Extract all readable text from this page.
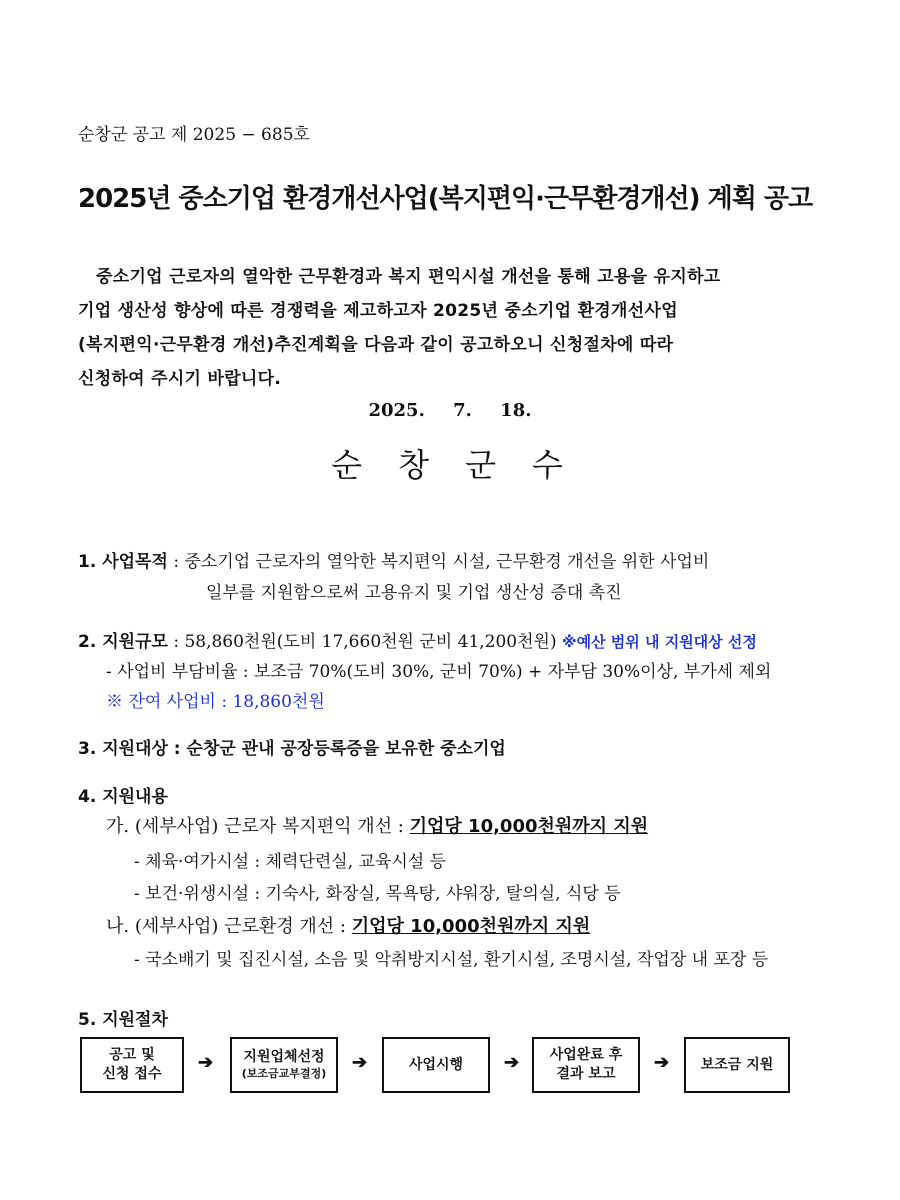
순창군 공고 제 2025 − 685호
2025년 중소기업 환경개선사업(복지편익·근무환경개선) 계획 공고
중소기업 근로자의 열악한 근무환경과 복지 편익시설 개선을 통해 고용을 유지하고
기업 생산성 향상에 따른 경쟁력을 제고하고자 2025년 중소기업 환경개선사업
(복지편익·근무환경 개선)추진계획을 다음과 같이 공고하오니 신청절차에 따라
신청하여 주시기 바랍니다.
2025. 7. 18.
순창군수
1. 사업목적 : 중소기업 근로자의 열악한 복지편익 시설, 근무환경 개선을 위한 사업비
일부를 지원함으로써 고용유지 및 기업 생산성 증대 촉진
2. 지원규모 : 58,860천원(도비 17,660천원 군비 41,200천원) ※예산 범위 내 지원대상 선정
- 사업비 부담비율 : 보조금 70%(도비 30%, 군비 70%) + 자부담 30%이상, 부가세 제외
※ 잔여 사업비 : 18,860천원
3. 지원대상 : 순창군 관내 공장등록증을 보유한 중소기업
4. 지원내용
가. (세부사업) 근로자 복지편익 개선 : 기업당 10,000천원까지 지원
- 체육·여가시설 : 체력단련실, 교육시설 등
- 보건·위생시설 : 기숙사, 화장실, 목욕탕, 샤워장, 탈의실, 식당 등
나. (세부사업) 근로환경 개선 : 기업당 10,000천원까지 지원
- 국소배기 및 집진시설, 소음 및 악취방지시설, 환기시설, 조명시설, 작업장 내 포장 등
5. 지원절차
공고 및
신청 접수
➔ 지원업체선정
(보조금교부결정)
➔	사업시행 ➔ 사업완료 후
결과 보고
➔ 보조금 지원
